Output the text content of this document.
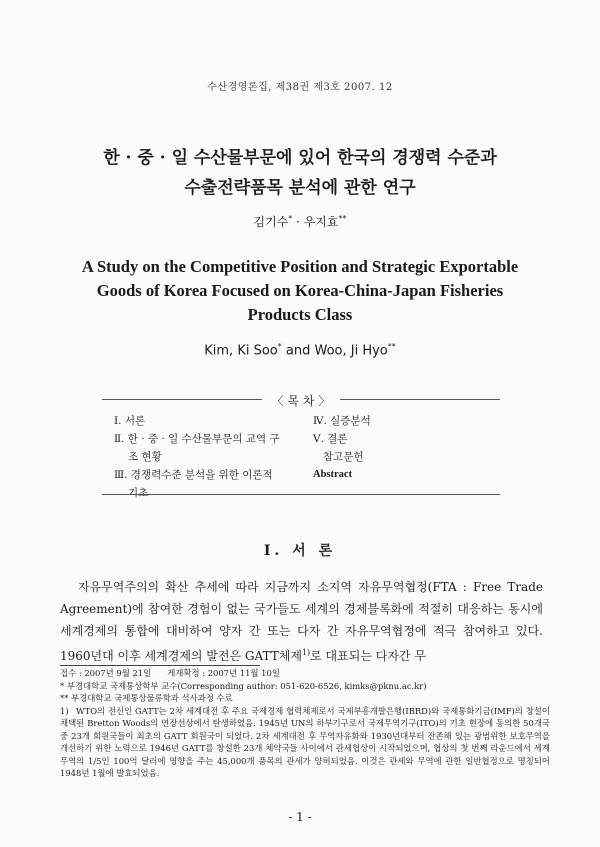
수산경영론집, 제38권 제3호 2007. 12
한 · 중 · 일 수산물부문에 있어 한국의 경쟁력 수준과
수출전략품목 분석에 관한 연구
김기수* · 우지효**
A Study on the Competitive Position and Strategic Exportable
Goods of Korea Focused on Korea-China-Japan Fisheries
Products Class
Kim, Ki Soo* and Woo, Ji Hyo**
〈 목 차 〉
Ⅰ. 서론
Ⅱ. 한 · 중 · 일 수산물부문의 교역 구
조 현황
Ⅲ. 경쟁력수준 분석을 위한 이론적
기초
Ⅳ. 실증분석
Ⅴ. 결론
참고문헌
Abstract
Ⅰ. 서 론

자유무역주의의 확산 추세에 따라 지금까지 소지역 자유무역협정(FTA : Free Trade Agreement)에 참여한 경험이 없는 국가들도 세계의 경제블록화에 적절히 대응하는 동시에 세계경제의 통합에 대비하여 양자 간 또는 다자 간 자유무역협정에 적극 참여하고 있다. 1960년대 이후 세계경제의 발전은 GATT체제$^{1)}$로 대표되는 다자간 무

접수 : 2007년 9월 21일      게재확정 : 2007년 11월 10일

* 부경대학교 국제통상학부 교수(Corresponding author: 051-620-6526, kimks@pknu.ac.kr)

** 부경대학교 국제통상물류학과 석사과정 수료

1) WTO의 전신인 GATT는 2차 세계대전 후 주요 국제경제 협력체제로서 국제부흥개발은행(IBRD)와 국제통화기금(IMF)의 창설이 채택된 Bretton Woods의 연장선상에서 탄생하였음. 1945년 UN의 하부기구로서 국제무역기구(ITO)의 기초 현장에 동의한 50개국 중 23개 회원국들이 최초의 GATT 회원국이 되었다. 2차 세계대전 후 무역자유화와 1930년대부터 잔존해 있는 광범위한 보호무역을 개선하기 위한 노력으로 1946년 GATT를 창설한 23개 체약국들 사이에서 관세협상이 시작되었으며, 협상의 첫 번째 라운드에서 세계무역의 1/5인 100억 달러에 영향을 주는 45,000개 품목의 관세가 양허되었음. 이것은 관세와 무역에 관한 일반협정으로 명칭되어 1948년 1월에 발효되었음.

- 1 -
